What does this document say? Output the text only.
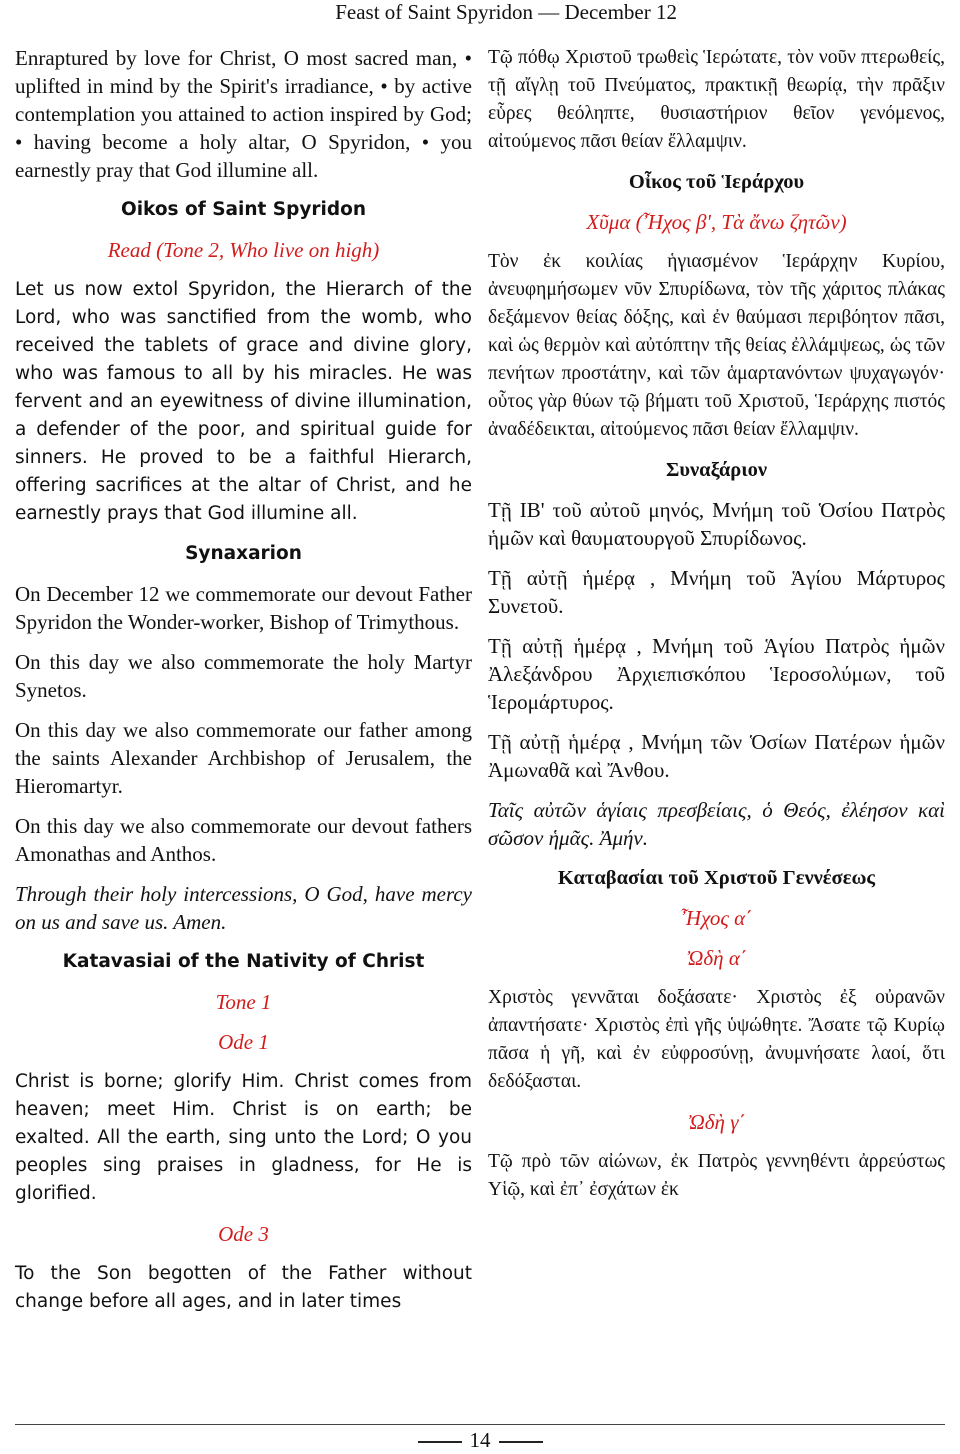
Feast of Saint Spyridon — December 12

Enraptured by love for Christ, O most sacred man, • uplifted in mind by the Spirit's irradiance, • by active contemplation you attained to action inspired by God; • having become a holy altar, O Spyridon, • you earnestly pray that God illumine all.

Oikos of Saint Spyridon

Read (Tone 2, Who live on high)

Let us now extol Spyridon, the Hierarch of the Lord, who was sanctified from the womb, who received the tablets of grace and divine glory, who was famous to all by his miracles. He was fervent and an eyewitness of divine illumination, a defender of the poor, and spiritual guide for sinners. He proved to be a faithful Hierarch, offering sacrifices at the altar of Christ, and he earnestly prays that God illumine all.

Synaxarion

On December 12 we commemorate our devout Father Spyridon the Wonder-worker, Bishop of Trimythous.

On this day we also commemorate the holy Martyr Synetos.

On this day we also commemorate our father among the saints Alexander Archbishop of Jerusalem, the Hieromartyr.

On this day we also commemorate our devout fathers Amonathas and Anthos.

Through their holy intercessions, O God, have mercy on us and save us. Amen.

Katavasiai of the Nativity of Christ

Tone 1

Ode 1

Christ is borne; glorify Him. Christ comes from heaven; meet Him. Christ is on earth; be exalted. All the earth, sing unto the Lord; O you peoples sing praises in gladness, for He is glorified.

Ode 3

To the Son begotten of the Father without change before all ages, and in later times

Τῷ πόθῳ Χριστοῦ τρωθεὶς Ἱερώτατε, τὸν νοῦν πτερωθείς, τῇ αἴγλῃ τοῦ Πνεύματος, πρακτικῇ θεωρίᾳ, τὴν πρᾶξιν εὗρες θεόληπτε, θυσιαστήριον θεῖον γενόμενος, αἰτούμενος πᾶσι θείαν ἔλλαμψιν.

Οἶκος τοῦ Ἱεράρχου

Χῦμα (Ἦχος β', Τὰ ἄνω ζητῶν)

Τὸν ἐκ κοιλίας ἡγιασμένον Ἱεράρχην Κυρίου, ἀνευφημήσωμεν νῦν Σπυρίδωνα, τὸν τῆς χάριτος πλάκας δεξάμενον θείας δόξης, καὶ ἐν θαύμασι περιβόητον πᾶσι, καὶ ὡς θερμὸν καὶ αὐτόπτην τῆς θείας ἐλλάμψεως, ὡς τῶν πενήτων προστάτην, καὶ τῶν ἁμαρτανόντων ψυχαγωγόν· οὗτος γὰρ θύων τῷ βήματι τοῦ Χριστοῦ, Ἱεράρχης πιστός ἀναδέδεικται, αἰτούμενος πᾶσι θείαν ἔλλαμψιν.

Συναξάριον

Τῇ ΙΒ' τοῦ αὐτοῦ μηνός, Μνήμη τοῦ Ὁσίου Πατρὸς ἡμῶν καὶ θαυματουργοῦ Σπυρίδωνος.

Τῇ αὐτῇ ἡμέρᾳ , Μνήμη τοῦ Ἁγίου Μάρτυρος Συνετοῦ.

Τῇ αὐτῇ ἡμέρᾳ , Μνήμη τοῦ Ἁγίου Πατρὸς ἡμῶν Ἀλεξάνδρου Ἀρχιεπισκόπου Ἱεροσολύμων, τοῦ Ἱερομάρτυρος.

Τῇ αὐτῇ ἡμέρᾳ , Μνήμη τῶν Ὁσίων Πατέρων ἡμῶν Ἀμωναθᾶ καὶ Ἄνθου.

Ταῖς αὐτῶν ἁγίαις πρεσβείαις, ὁ Θεός, ἐλέησον καὶ σῶσον ἡμᾶς. Ἀμήν.

Καταβασίαι τοῦ Χριστοῦ Γεννέσεως

Ἦχος α΄

Ὠδὴ α΄

Χριστὸς γεννᾶται δοξάσατε· Χριστὸς ἐξ οὐρανῶν ἀπαντήσατε· Χριστὸς ἐπὶ γῆς ὑψώθητε. Ἄσατε τῷ Κυρίῳ πᾶσα ἡ γῆ, καὶ ἐν εὐφροσύνῃ, ἀνυμνήσατε λαοί, ὅτι δεδόξασται.

Ὠδὴ γ΄

Τῷ πρὸ τῶν αἰώνων, ἐκ Πατρὸς γεννηθέντι ἀρρεύστως Υἱῷ, καὶ ἐπ᾽ ἐσχάτων ἐκ

14
